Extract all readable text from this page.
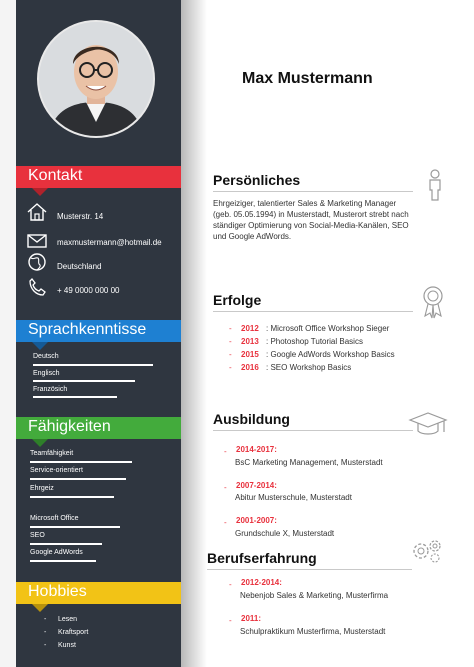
Kontakt
Musterstr. 14
maxmustermann@hotmail.de
Deutschland
+ 49 0000 000 00
Sprachkenntisse
Deutsch
Englisch
Französich
Fähigkeiten
Teamfähigkeit
Service-orientiert
Ehrgeiz
Microsoft Office
SEO
Google AdWords
Hobbies
- Lesen
- Kraftsport
- Kunst
Max Mustermann
Persönliches
Ehrgeiziger, talentierter Sales & Marketing Manager (geb. 05.05.1994) in Musterstadt, Musterort strebt nach ständiger Optimierung von Social-Media-Kanälen, SEO und Google AdWords.
Erfolge
- 2012 : Microsoft Office Workshop Sieger
- 2013 : Photoshop Tutorial Basics
- 2015 : Google AdWords Workshop Basics
- 2016 : SEO Workshop Basics
Ausbildung
- 2014-2017:
BsC Marketing Management, Musterstadt
- 2007-2014:
Abitur Musterschule, Musterstadt
- 2001-2007:
Grundschule X, Musterstadt
Berufserfahrung
- 2012-2014:
Nebenjob Sales & Marketing, Musterfirma
- 2011:
Schulpraktikum Musterfirma, Musterstadt
